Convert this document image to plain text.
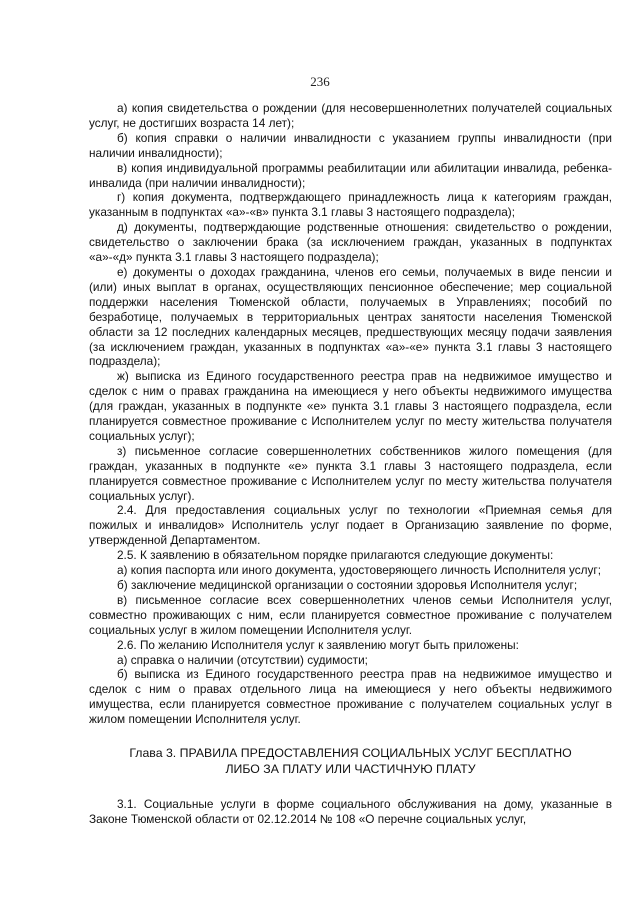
236

а) копия свидетельства о рождении (для несовершеннолетних получателей социальных услуг, не достигших возраста 14 лет);

б) копия справки о наличии инвалидности с указанием группы инвалидности (при наличии инвалидности);

в) копия индивидуальной программы реабилитации или абилитации инвалида, ребенка-инвалида (при наличии инвалидности);

г) копия документа, подтверждающего принадлежность лица к категориям граждан, указанным в подпунктах «а»-«в» пункта 3.1 главы 3 настоящего подраздела);

д) документы, подтверждающие родственные отношения: свидетельство о рождении, свидетельство о заключении брака (за исключением граждан, указанных в подпунктах «а»-«д» пункта 3.1 главы 3 настоящего подраздела);

е) документы о доходах гражданина, членов его семьи, получаемых в виде пенсии и (или) иных выплат в органах, осуществляющих пенсионное обеспечение; мер социальной поддержки населения Тюменской области, получаемых в Управлениях; пособий по безработице, получаемых в территориальных центрах занятости населения Тюменской области за 12 последних календарных месяцев, предшествующих месяцу подачи заявления (за исключением граждан, указанных в подпунктах «а»-«е» пункта 3.1 главы 3 настоящего подраздела);

ж) выписка из Единого государственного реестра прав на недвижимое имущество и сделок с ним о правах гражданина на имеющиеся у него объекты недвижимого имущества (для граждан, указанных в подпункте «е» пункта 3.1 главы 3 настоящего подраздела, если планируется совместное проживание с Исполнителем услуг по месту жительства получателя социальных услуг);

з) письменное согласие совершеннолетних собственников жилого помещения (для граждан, указанных в подпункте «е» пункта 3.1 главы 3 настоящего подраздела, если планируется совместное проживание с Исполнителем услуг по месту жительства получателя социальных услуг).

2.4. Для предоставления социальных услуг по технологии «Приемная семья для пожилых и инвалидов» Исполнитель услуг подает в Организацию заявление по форме, утвержденной Департаментом.

2.5. К заявлению в обязательном порядке прилагаются следующие документы:

а) копия паспорта или иного документа, удостоверяющего личность Исполнителя услуг;

б) заключение медицинской организации о состоянии здоровья Исполнителя услуг;

в) письменное согласие всех совершеннолетних членов семьи Исполнителя услуг, совместно проживающих с ним, если планируется совместное проживание с получателем социальных услуг в жилом помещении Исполнителя услуг.

2.6. По желанию Исполнителя услуг к заявлению могут быть приложены:

а) справка о наличии (отсутствии) судимости;

б) выписка из Единого государственного реестра прав на недвижимое имущество и сделок с ним о правах отдельного лица на имеющиеся у него объекты недвижимого имущества, если планируется совместное проживание с получателем социальных услуг в жилом помещении Исполнителя услуг.

Глава 3. ПРАВИЛА ПРЕДОСТАВЛЕНИЯ СОЦИАЛЬНЫХ УСЛУГ БЕСПЛАТНО
ЛИБО ЗА ПЛАТУ ИЛИ ЧАСТИЧНУЮ ПЛАТУ

3.1. Социальные услуги в форме социального обслуживания на дому, указанные в Законе Тюменской области от 02.12.2014 № 108 «О перечне социальных услуг,
